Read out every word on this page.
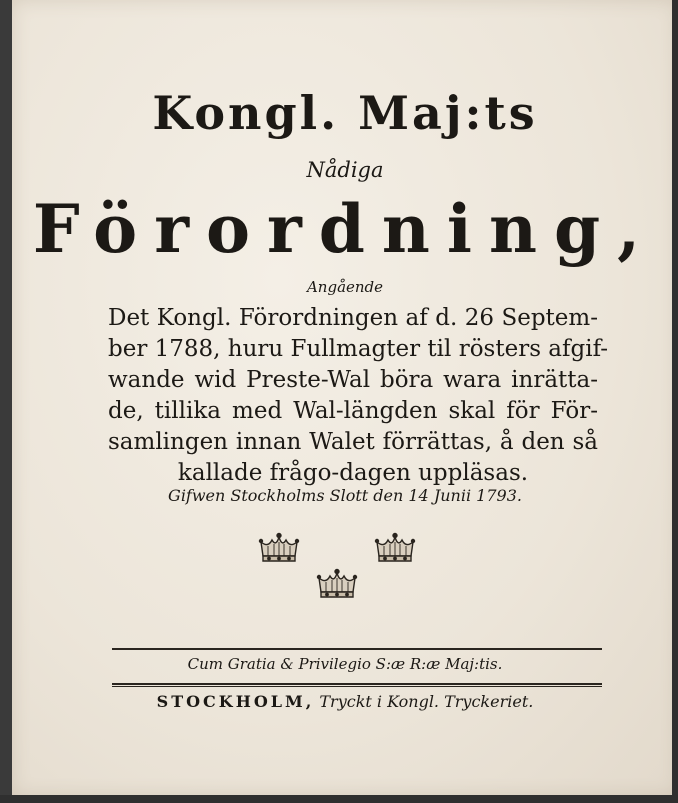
Kongl. Maj:ts
Nådiga
Förordning,
Angående
Det Kongl. Förordningen af d. 26 Septem-
ber 1788, huru Fullmagter til rösters afgif-
wande wid Preste-Wal böra wara inrätta-
de, tillika med Wal-längden skal för För-
samlingen innan Walet förrättas, å den så
kallade frågo-dagen uppläsas.
Gifwen Stockholms Slott den 14 Junii 1793.
Cum Gratia & Privilegio S:æ R:æ Maj:tis.
STOCKHOLM, Tryckt i Kongl. Tryckeriet.
